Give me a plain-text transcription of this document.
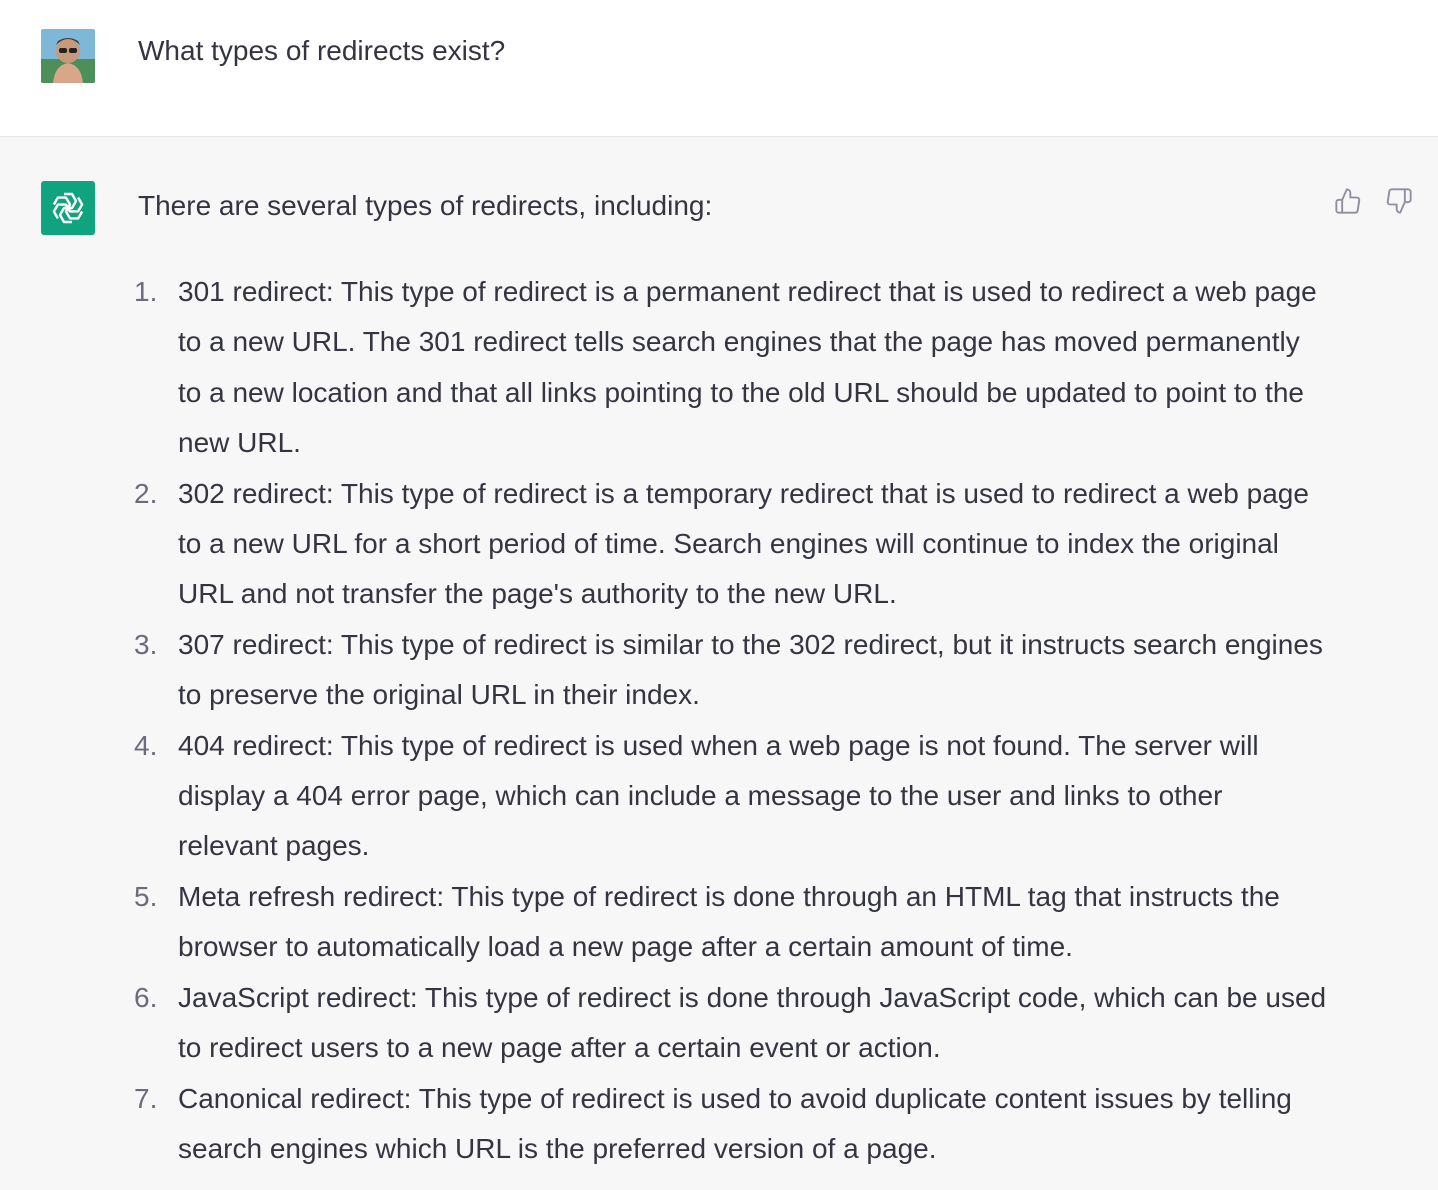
What types of redirects exist?
There are several types of redirects, including:
1. 301 redirect: This type of redirect is a permanent redirect that is used to redirect a web page to a new URL. The 301 redirect tells search engines that the page has moved permanently to a new location and that all links pointing to the old URL should be updated to point to the new URL.
2. 302 redirect: This type of redirect is a temporary redirect that is used to redirect a web page to a new URL for a short period of time. Search engines will continue to index the original URL and not transfer the page's authority to the new URL.
3. 307 redirect: This type of redirect is similar to the 302 redirect, but it instructs search engines to preserve the original URL in their index.
4. 404 redirect: This type of redirect is used when a web page is not found. The server will display a 404 error page, which can include a message to the user and links to other relevant pages.
5. Meta refresh redirect: This type of redirect is done through an HTML tag that instructs the browser to automatically load a new page after a certain amount of time.
6. JavaScript redirect: This type of redirect is done through JavaScript code, which can be used to redirect users to a new page after a certain event or action.
7. Canonical redirect: This type of redirect is used to avoid duplicate content issues by telling search engines which URL is the preferred version of a page.
